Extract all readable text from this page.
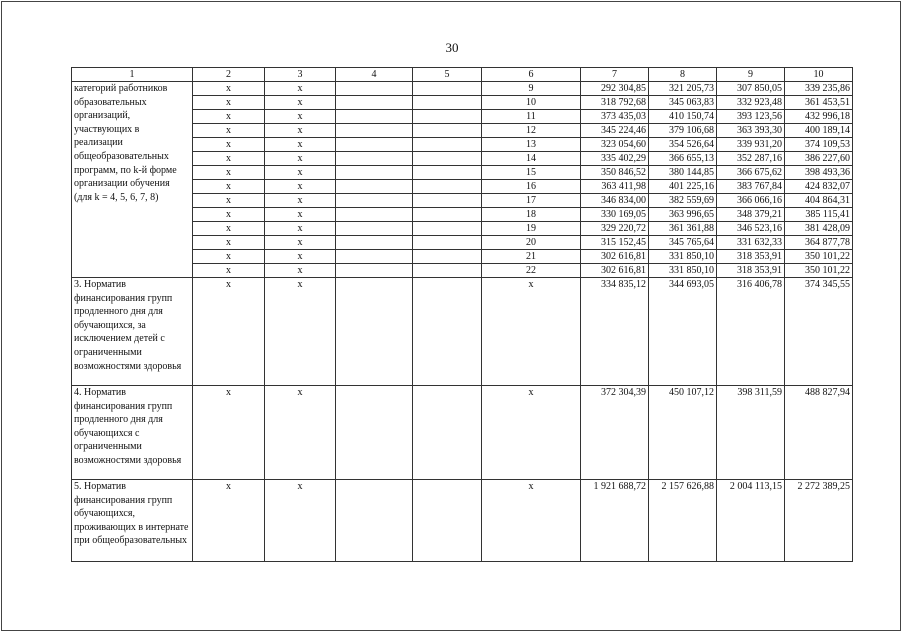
30
1	2	3	4	5	6	7	8	9	10
категорий работников образовательных организаций, участвующих в реализации общеобразовательных программ, по k-й форме организации обучения (для k = 4, 5, 6, 7, 8)	x	x			9	292 304,85	321 205,73	307 850,05	339 235,86
	x	x			10	318 792,68	345 063,83	332 923,48	361 453,51
	x	x			11	373 435,03	410 150,74	393 123,56	432 996,18
	x	x			12	345 224,46	379 106,68	363 393,30	400 189,14
	x	x			13	323 054,60	354 526,64	339 931,20	374 109,53
	x	x			14	335 402,29	366 655,13	352 287,16	386 227,60
	x	x			15	350 846,52	380 144,85	366 675,62	398 493,36
	x	x			16	363 411,98	401 225,16	383 767,84	424 832,07
	x	x			17	346 834,00	382 559,69	366 066,16	404 864,31
	x	x			18	330 169,05	363 996,65	348 379,21	385 115,41
	x	x			19	329 220,72	361 361,88	346 523,16	381 428,09
	x	x			20	315 152,45	345 765,64	331 632,33	364 877,78
	x	x			21	302 616,81	331 850,10	318 353,91	350 101,22
	x	x			22	302 616,81	331 850,10	318 353,91	350 101,22
3. Норматив финансирования групп продленного дня для обучающихся, за исключением детей с ограниченными возможностями здоровья	x	x			x	334 835,12	344 693,05	316 406,78	374 345,55
4. Норматив финансирования групп продленного дня для обучающихся с ограниченными возможностями здоровья	x	x			x	372 304,39	450 107,12	398 311,59	488 827,94
5. Норматив финансирования групп обучающихся, проживающих в интернате при общеобразовательных	x	x			x	1 921 688,72	2 157 626,88	2 004 113,15	2 272 389,25
